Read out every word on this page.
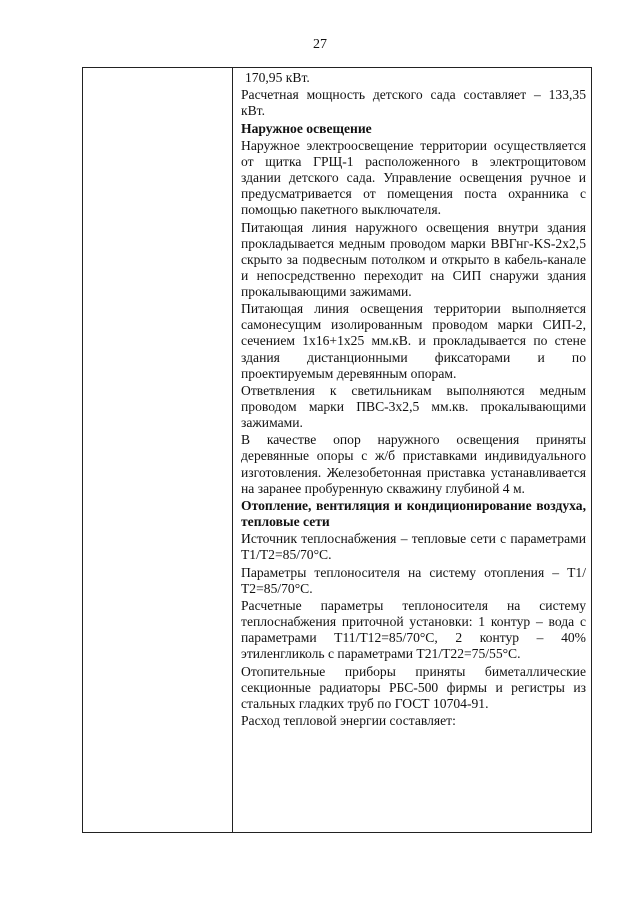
27

170,95 кВт.

Расчетная мощность детского сада составляет – 133,35 кВт.

Наружное освещение

Наружное электроосвещение территории осуществляется от щитка ГРЩ-1 расположенного в электрощитовом здании детского сада. Управление освещения ручное и предусматривается от помещения поста охранника с помощью пакетного выключателя.

Питающая линия наружного освещения внутри здания прокладывается медным проводом марки ВВГнг-KS-2х2,5 скрыто за подвесным потолком и открыто в кабель-канале и непосредственно переходит на СИП снаружи здания прокалывающими зажимами.

Питающая линия освещения территории выполняется самонесущим изолированным проводом марки СИП-2, сечением 1х16+1х25 мм.кВ. и прокладывается по стене здания дистанционными фиксаторами и по проектируемым деревянным опорам.

Ответвления к светильникам выполняются медным проводом марки ПВС-3х2,5 мм.кв. прокалывающими зажимами.

В качестве опор наружного освещения приняты деревянные опоры с ж/б приставками индивидуального изготовления. Железобетонная приставка устанавливается на заранее пробуренную скважину глубиной 4 м.

Отопление, вентиляция и кондиционирование воздуха, тепловые сети

Источник теплоснабжения – тепловые сети с параметрами Т1/Т2=85/70°С.

Параметры теплоносителя на систему отопления – Т1/Т2=85/70°С.

Расчетные параметры теплоносителя на систему теплоснабжения приточной установки: 1 контур – вода с параметрами Т11/Т12=85/70°С, 2 контур – 40% этиленгликоль с параметрами Т21/Т22=75/55°С.

Отопительные приборы приняты биметаллические секционные радиаторы РБС-500 фирмы и регистры из стальных гладких труб по ГОСТ 10704-91.

Расход тепловой энергии составляет:
